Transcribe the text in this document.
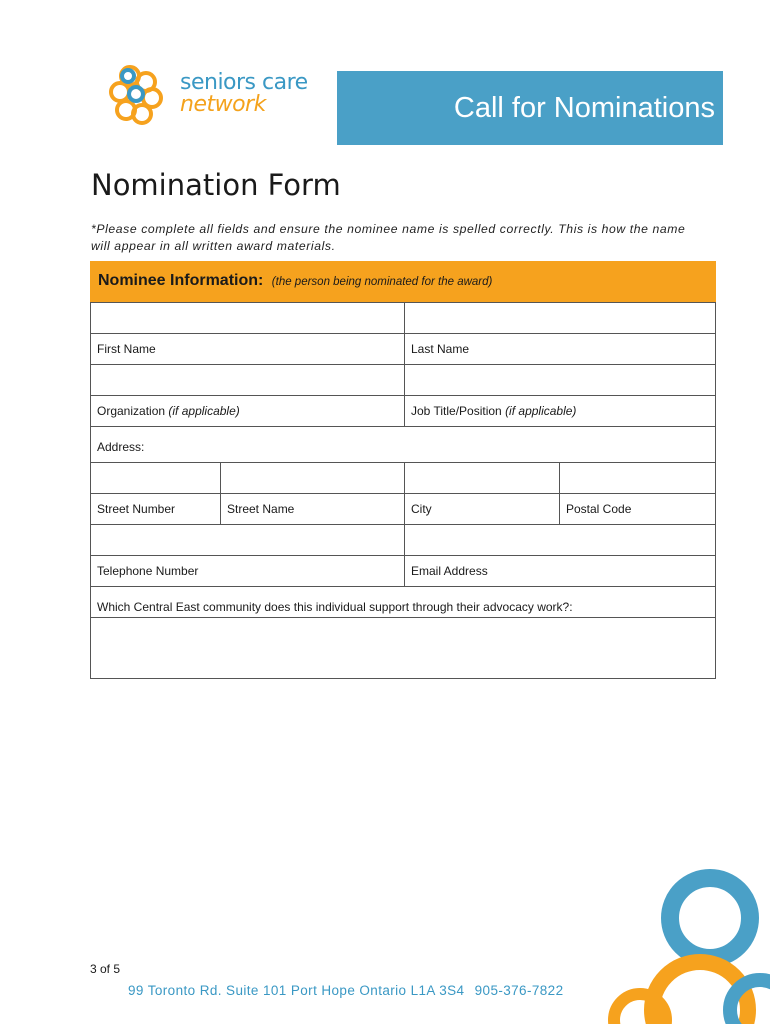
seniors care
network	Call for Nominations
Nomination Form
*Please complete all fields and ensure the nominee name is spelled correctly. This is how the name will appear in all written award materials.
Nominee Information: (the person being nominated for the award)
First Name	Last Name
Organization (if applicable)	Job Title/Position (if applicable)
Address:
Street Number	Street Name	City	Postal Code
Telephone Number	Email Address
Which Central East community does this individual support through their advocacy work?:
3 of 5
99 Toronto Rd. Suite 101 Port Hope Ontario L1A 3S4 905-376-7822
